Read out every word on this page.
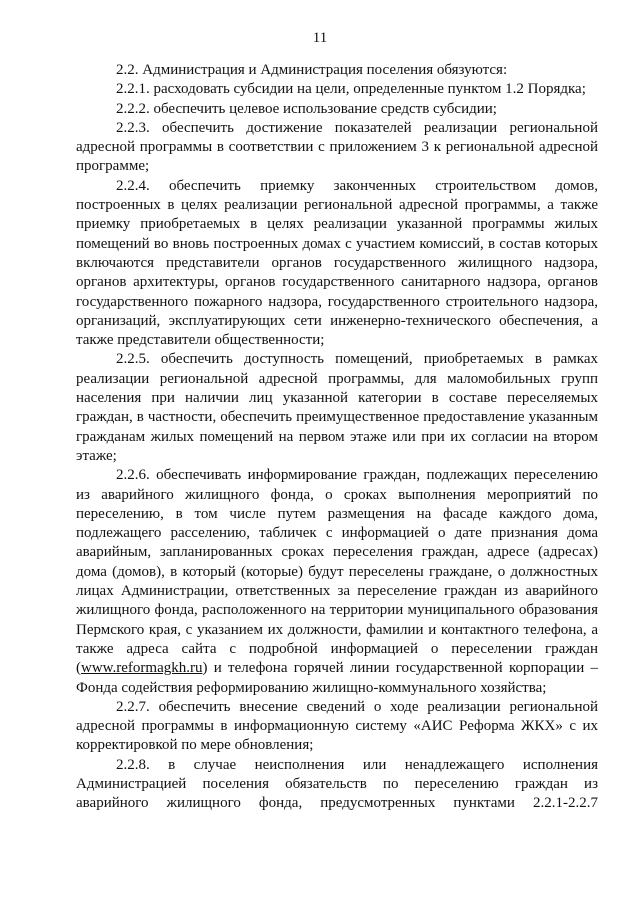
11

2.2. Администрация и Администрация поселения обязуются:

2.2.1. расходовать субсидии на цели, определенные пунктом 1.2 Порядка;

2.2.2. обеспечить целевое использование средств субсидии;

2.2.3. обеспечить достижение показателей реализации региональной адресной программы в соответствии с приложением 3 к региональной адресной программе;

2.2.4. обеспечить приемку законченных строительством домов, построенных в целях реализации региональной адресной программы, а также приемку приобретаемых в целях реализации указанной программы жилых помещений во вновь построенных домах с участием комиссий, в состав которых включаются представители органов государственного жилищного надзора, органов архитектуры, органов государственного санитарного надзора, органов государственного пожарного надзора, государственного строительного надзора, организаций, эксплуатирующих сети инженерно-технического обеспечения, а также представители общественности;

2.2.5. обеспечить доступность помещений, приобретаемых в рамках реализации региональной адресной программы, для маломобильных групп населения при наличии лиц указанной категории в составе переселяемых граждан, в частности, обеспечить преимущественное предоставление указанным гражданам жилых помещений на первом этаже или при их согласии на втором этаже;

2.2.6. обеспечивать информирование граждан, подлежащих переселению из аварийного жилищного фонда, о сроках выполнения мероприятий по переселению, в том числе путем размещения на фасаде каждого дома, подлежащего расселению, табличек с информацией о дате признания дома аварийным, запланированных сроках переселения граждан, адресе (адресах) дома (домов), в который (которые) будут переселены граждане, о должностных лицах Администрации, ответственных за переселение граждан из аварийного жилищного фонда, расположенного на территории муниципального образования Пермского края, с указанием их должности, фамилии и контактного телефона, а также адреса сайта с подробной информацией о переселении граждан (www.reformagkh.ru) и телефона горячей линии государственной корпорации – Фонда содействия реформированию жилищно-коммунального хозяйства;

2.2.7. обеспечить внесение сведений о ходе реализации региональной адресной программы в информационную систему «АИС Реформа ЖКХ» с их корректировкой по мере обновления;

2.2.8. в случае неисполнения или ненадлежащего исполнения Администрацией поселения обязательств по переселению граждан из аварийного жилищного фонда, предусмотренных пунктами 2.2.1-2.2.7
